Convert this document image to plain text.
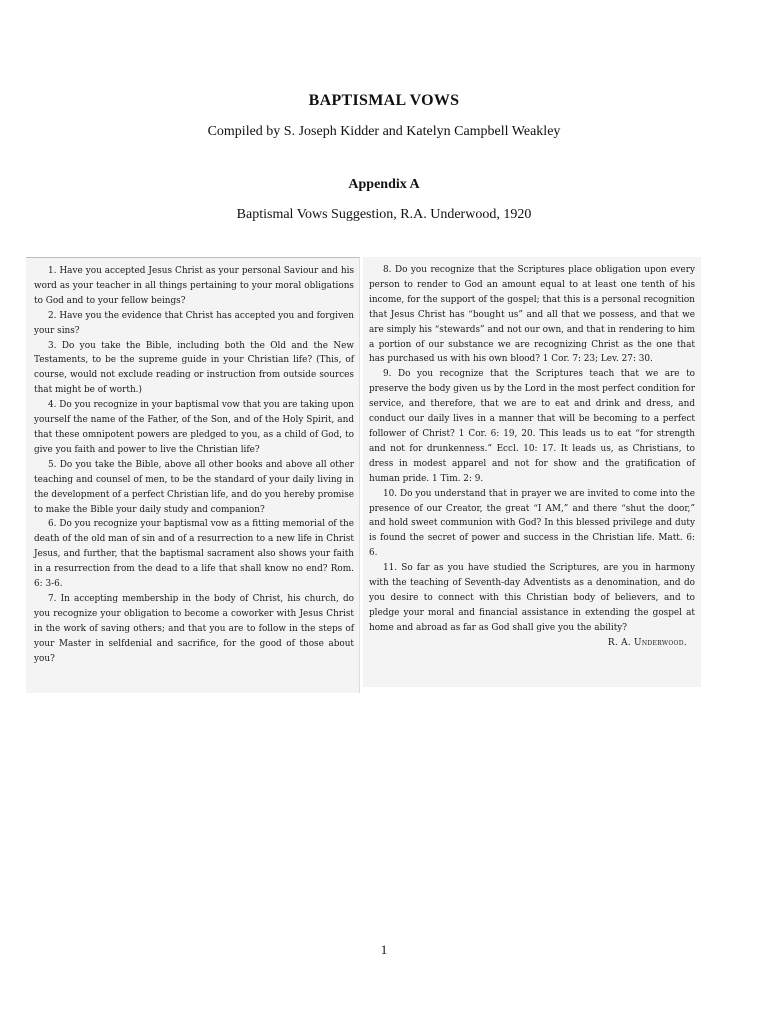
BAPTISMAL VOWS
Compiled by S. Joseph Kidder and Katelyn Campbell Weakley
Appendix A
Baptismal Vows Suggestion, R.A. Underwood, 1920

1. Have you accepted Jesus Christ as your personal Saviour and his word as your teacher in all things pertaining to your moral obligations to God and to your fellow beings?

2. Have you the evidence that Christ has accepted you and forgiven your sins?

3. Do you take the Bible, including both the Old and the New Testaments, to be the supreme guide in your Christian life? (This, of course, would not exclude reading or instruction from outside sources that might be of worth.)

4. Do you recognize in your baptismal vow that you are taking upon yourself the name of the Father, of the Son, and of the Holy Spirit, and that these omnipotent powers are pledged to you, as a child of God, to give you faith and power to live the Christian life?

5. Do you take the Bible, above all other books and above all other teaching and counsel of men, to be the standard of your daily living in the development of a perfect Christian life, and do you hereby promise to make the Bible your daily study and companion?

6. Do you recognize your baptismal vow as a fitting memorial of the death of the old man of sin and of a resurrection to a new life in Christ Jesus, and further, that the baptismal sacrament also shows your faith in a resurrection from the dead to a life that shall know no end? Rom. 6: 3-6.

7. In accepting membership in the body of Christ, his church, do you recognize your obligation to become a coworker with Jesus Christ in the work of saving others; and that you are to follow in the steps of your Master in selfdenial and sacrifice, for the good of those about you?

8. Do you recognize that the Scriptures place obligation upon every person to render to God an amount equal to at least one tenth of his income, for the support of the gospel; that this is a personal recognition that Jesus Christ has “bought us” and all that we possess, and that we are simply his “stewards” and not our own, and that in rendering to him a portion of our substance we are recognizing Christ as the one that has purchased us with his own blood? 1 Cor. 7: 23; Lev. 27: 30.

9. Do you recognize that the Scriptures teach that we are to preserve the body given us by the Lord in the most perfect condition for service, and therefore, that we are to eat and drink and dress, and conduct our daily lives in a manner that will be becoming to a perfect follower of Christ? 1 Cor. 6: 19, 20. This leads us to eat “for strength and not for drunkenness.” Eccl. 10: 17. It leads us, as Christians, to dress in modest apparel and not for show and the gratification of human pride. 1 Tim. 2: 9.

10. Do you understand that in prayer we are invited to come into the presence of our Creator, the great “I AM,” and there “shut the door,” and hold sweet communion with God? In this blessed privilege and duty is found the secret of power and success in the Christian life. Matt. 6: 6.

11. So far as you have studied the Scriptures, are you in harmony with the teaching of Seventh-day Adventists as a denomination, and do you desire to connect with this Christian body of believers, and to pledge your moral and financial assistance in extending the gospel at home and abroad as far as God shall give you the ability?

R. A. Underwood.

1
